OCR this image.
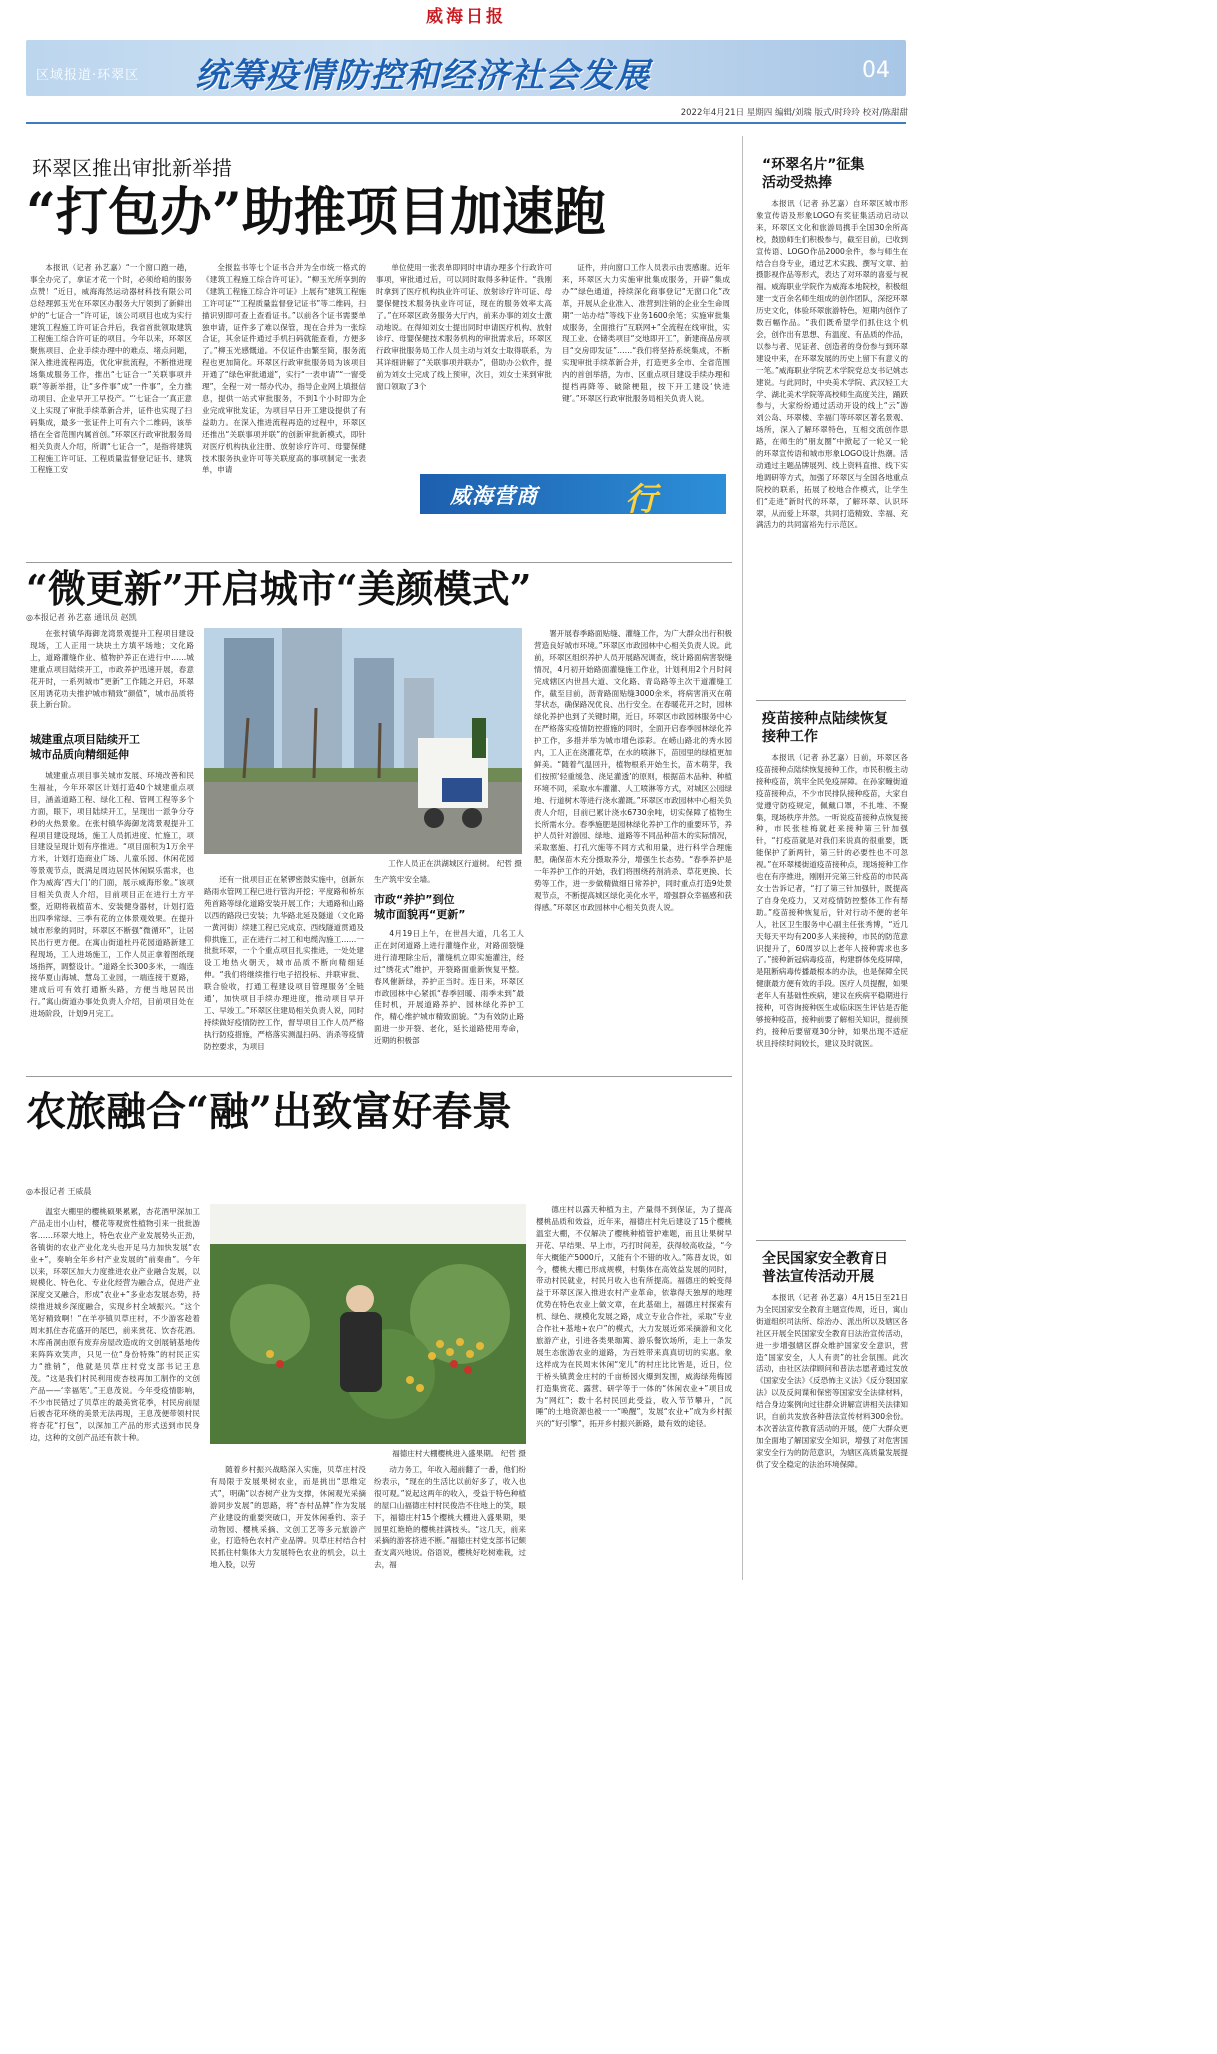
威海日报
区域报道·环翠区 统筹疫情防控和经济社会发展	04
2022年4月21日 星期四 编辑/刘瑞 版式/时玲玲 校对/陈甜甜
环翠区推出审批新举措
“打包办”助推项目加速跑
本报讯（记者 孙艺嘉）“一个窗口跑一趟，事全办完了，拿证才花一个时，必须给咱的服务点赞！”近日，威海海然运动器材科技有限公司总经理郭玉光在环翠区办服务大厅领到了新鲜出炉的“七证合一”许可证，该公司项目也成为实行建筑工程施工许可证合并后，我省首批领取建筑工程施工综合许可证的项目。今年以来，环翠区聚焦项目、企业手续办理中的难点、堵点问题，深入推进流程再造，优化审批流程，不断推进现场集成服务工作，推出“七证合一”关联事项并联“等新举措，让“多件事”成“一件事”，全力推动项目、企业早开工早投产。“‘七证合一’真正意义上实现了审批手续革新合并，证件也实现了扫码集成，最多一张证件上可有六个二维码，该举措在全省范围内属首创。”环翠区行政审批服务局相关负责人介绍，所谓“七证合一”，是指将建筑工程施工许可证、工程质量监督登记证书、建筑工程施工安
全报监书等七个证书合并为全市统一格式的《建筑工程施工综合许可证》。“柳玉光所享到的《建筑工程施工综合许可证》上展有“建筑工程施工许可证”“工程质量监督登记证书”等二维码，扫描识别即可查上查看证书。”以前各个证书需要单独申请，证件多了难以保管，现在合并为一张综合证，其余证件通过手机扫码就能查看，方便多了。”柳玉光感慨道。不仅证件由繁至简，服务流程也更加简化。环翠区行政审批服务局为该项目开通了“绿色审批通道”，实行“一表申请”“一窗受理”，全程一对一帮办代办，指导企业网上填报信息，提供一站式审批服务，不到1个小时即为企业完成审批发证，为项目早日开工建设提供了有益助力。在深入推进流程再造的过程中，环翠区还推出“关联事项并联”的创新审批新模式，即针对医疗机构执业注册、放射诊疗许可、母婴保健技术服务执业许可等关联度高的事项制定一张表单，申请
单位使用一张表单即同时申请办理多个行政许可事项，审批通过后，可以同时取得多种证件。“我刚时拿到了医疗机构执业许可证、放射诊疗许可证、母婴保健技术服务执业许可证，现在的服务效率太高了。”在环翠区政务服务大厅内，前来办事的刘女士激动地说。在得知刘女士提出同时申请医疗机构、放射诊疗、母婴保健技术服务机构的审批需求后，环翠区行政审批服务局工作人员主动与刘女士取得联系，为其详细讲解了“关联事项并联办”，借助办公软件，提前为刘女士完成了线上预审，次日，刘女士来到审批窗口领取了3个
证件，并向窗口工作人员表示由衷感谢。近年来，环翠区大力实施审批集成服务，开辟“集成办”“绿色通道，持续深化商事登记“无窗口化”改革，开展从企业准入、准营到注销的企业全生命周期“一站办结”等线下业务1600余笔；实施审批集成服务，全面推行“互联网+”全流程在线审批，实现工业、仓储类项目“交地即开工”，新建商品房项目“交房即发证”……“我们将坚持系统集成，不断实现审批手续革新合并，打造更多全市、全省范围内的首创举措，为市、区重点项目建设手续办理和提档再降等、破除梗阻，按下开工建设‘快进键’。”环翠区行政审批服务局相关负责人说。
威海营商	行
“微更新”开启城市“美颜模式”
◎本报记者 孙艺嘉 通讯员 赵凯
在张村镇华海御龙湾景观提升工程项目建设现场，工人正用一块块土方填平场地；文化路上，道路灌缝作业、植物护养正在进行中……城建重点项目陆续开工，市政养护迅速开展，春意花开时，一系列城市“更新”工作随之开启，环翠区用诱花功夫推护城市精致“颜值”，城市品质将获上新台阶。
城建重点项目陆续开工
城市品质向精细延伸
城建重点项目事关城市发展、环境改善和民生福祉，今年环翠区计划打造40个城建重点项目，涵盖道路工程、绿化工程、管网工程等多个方面，眼下，项目陆续开工，呈现出一派争分夺秒的火热景象。在张村镇华海御龙湾景观提升工程项目建设现场，施工人员抓进度、忙施工，项目建设呈现计划有序推进。“项目面积为1万余平方米，计划打造商业广场、儿童乐园、休闲花园等景观节点，既满足周边居民休闲娱乐需求，也作为威海‘西大门’的门面，展示威海形象。”该项目相关负责人介绍，目前项目正在进行土方平整，近期将栽植苗木、安装健身器材，计划打造出四季常绿、三季有花的立体景观效果。在提升城市形象的同时，环翠区不断强“微循环”，让居民出行更方便。在寓山街道杜丹花园道路新建工程现场，工人进场施工，工作人员正拿着图纸现场指挥，调整设计。“道路全长300多米，一端连接华夏山海城、慧岛工业园，一端连接于夏路，建成后可有效打通断头路，方便当地居民出行。”寓山街道办事处负责人介绍，目前项目处在进场阶段，计划9月完工。
工作人员正在洪湖城区行道树。 纪哲 摄
还有一批项目正在紧锣密鼓实施中，创新东路雨水管网工程已进行管沟开挖；平度路和桥东苑首路等绿化道路安装开展工作；大通路和山路以西的路段已安装；九华路北延及隧道（文化路一黄河街）续建工程已完成京、西线隧道贯通及仰拱施工，正在进行二衬工和电缆沟施工……一批批环翠，一个个重点项目扎实推进，一处处建设工地热火朝天，城市品质不断向精细延伸。“我们将继续推行电子招投标、并联审批、联合验收，打通工程建设项目管理服务‘全链通’，加快项目手续办理进度，推动项目早开工、早竣工。”环翠区住建局相关负责人说，同时持续做好疫情防控工作，督导项目工作人员严格执行防疫措施，严格落实测温扫码、消杀等疫情防控要求，为项目
生产筑牢安全墙。
市政“养护”到位
城市面貌再“更新”
4月19日上午，在世昌大道，几名工人正在封闭道路上进行灌缝作业，对路面裂缝进行清理除尘后，灌缝机立即实施灌注，经过“绣花式”维护，开裂路面重新恢复平整。春风催新绿，养护正当时。连日来，环翠区市政园林中心紧抓“春季回暖、雨季未到”最佳时机，开展道路养护、园林绿化养护工作，精心维护城市精致面貌。“为有效防止路面进一步开裂、老化，延长道路使用寿命，近期的积极部
署开展春季路面贴缝、灌缝工作，为广大群众出行积极营造良好城市环境。”环翠区市政园林中心相关负责人说。此前，环翠区组织养护人员开展路况调查，统计路面病害裂缝情况，4月初开始路面灌缝施工作业，计划利用2个月时间完成辖区内世昌大道、文化路、青岛路等主次干道灌缝工作，截至目前，沥青路面贴缝3000余米，将病害消灭在萌芽状态，确保路况优良、出行安全。在春暖花开之时，园林绿化养护也到了关键时期，近日，环翠区市政园林服务中心在严格落实疫情防控措施的同时，全面开启春季园林绿化养护工作，多措并举为城市增色添彩。在崂山路北的秀水园内，工人正在浇灌花草，在水的喷淋下，苗园里的绿植更加鲜美。“随着气温回升，植物根系开始生长，苗木萌芽，我们按照‘轻重缓急、浇足灌透’的原则，根据苗木品种、种植环境不同，采取水车灌灌、人工喷淋等方式，对城区公园绿地、行道树木等进行浇水灌溉。”环翠区市政园林中心相关负责人介绍，目前已累计浇水6730余吨，切实保障了植物生长所需水分。春季施肥是园林绿化养护工作的重要环节，养护人员针对游园、绿地、道路等不同品种苗木的实际情况，采取塞施、打孔穴施等不同方式和用量，进行科学合理施肥，确保苗木充分摄取养分，增强生长态势。“春季养护是一年养护工作的开始，我们将围绕药剂消杀、草花更换、长势等工作，进一步做精做细日常养护，同时重点打造9处景观节点，不断提高城区绿化美化水平，增强群众幸福感和获得感。”环翠区市政园林中心相关负责人说。
农旅融合“融”出致富好春景
◎本报记者 王威晨
温室大棚里的樱桃硕果累累，杏花酒甲深加工产品走出小山村，樱花等观赏性植物引来一批批游客……环翠大地上，特色农业产业发展势头正劲，各镇街的农业产业化龙头也开足马力加快发展“农业+”，奏响全年乡村产业发展的“前奏曲”。今年以来，环翠区加大力度推进农业产业融合发展，以规模化、特色化、专业化经营为融合点，促进产业深度交叉融合，形成“农业+”多业态发展态势，持续推进城乡深度融合，实现乡村全域振兴。“这个笔好精致啊！”在羊亭镇贝草庄村，不少游客趁着周末抓住杏花盛开的尾巴，前来赏花、饮杏花酒。木库甬洞由原有废弃房屋改造成的文创展销基地传来阵阵欢笑声，只见一位“身份特殊”的村民正实力“推销”，他就是贝草庄村党支部书记王息茂。“这是我们村民利用废杏枝再加工制作的文创产品——‘幸福笔’。”王息茂说。今年受疫情影响，不少市民错过了贝草庄的最美赏花季，村民房前屋后被杏花环绕的美景无法再现，王息茂便带领村民将杏花“打包”，以深加工产品的形式送到市民身边，这种的文创产品还有款十种。
福德庄村大棚樱桃进入盛果期。 纪哲 摄
随着乡村振兴战略深入实施，贝草庄村没有局限于发展果树农业，而是挑出“思维定式”，明确“以杏树产业为支撑，休闲观光采摘游同步发展”的思路，将“杏村品牌”作为发展产业建设的重要突破口，开发休闲垂钓、亲子动物园、樱桃采摘、文创工艺等多元旅游产业，打造特色农村产业品牌。贝草庄村结合村民抓住村集体大力发展特色农业的机会，以土地入股，以劳
动力务工，年收入超前翻了一番，他们纷纷表示，“现在的生活比以前好多了，收入也很可观。”说起这两年的收入，受益于特色种植的屋口山福德庄村村民俊浩不住地上的笑，眼下，福德庄村15个樱桃大棚进入盛果期，果园里红艳艳的樱桃挂满枝头。“这几天，前来采摘的游客挤进不断。”福德庄村党支部书记颇查支离兴地说。俗语说，樱桃好吃树难栽，过去，福
德庄村以露天种植为主，产量得不到保证，为了提高樱桃品质和效益，近年来，福德庄村先后建设了15个樱桃温室大棚，不仅解决了樱桃种植管护难题，而且让果树早开花、早结果、早上市，巧打时间差，获得较高收益，“今年大概能产5000斤，又能有个不错的收入。”陈普友说，如今，樱桃大棚已形成规模，村集体在高效益发展的同时，带动村民就业，村民月收入也有所提高。福德庄的蜕变得益于环翠区深入推进农村产业革命，依靠得天独厚的地理优势在特色农业上做文章，在此基础上，福德庄村探索有机、绿色、规模化发展之路，成立专业合作社，采取“专业合作社+基地+农户”的模式，大力发展近郊采摘游和文化旅游产业，引进各类果珈篱、游乐餐饮场所，走上一条发展生态旅游农业的道路，为百姓带来真真切切的实惠。象这样成为在民周末休闲“宠儿”的村庄比比皆是，近日，位于桥头镇黄金庄村的千亩桥园火爆到发围，威海绿苑梅园打造集赏花、露营、研学等于一体的“休闲农业+”项目成为“网红”；数十名村民回此受益，收入节节攀升，“沉睡”的土地资源也被一一“唤醒”，发展“农业+”成为乡村振兴的“好引擎”，拓开乡村振兴新路，最有效的途径。
“环翠名片”征集
活动受热捧
本报讯（记者 孙艺嘉）自环翠区城市形象宣传语及形象LOGO有奖征集活动启动以来，环翠区文化和旅游局携手全国30余所高校，鼓励师生们积极参与，截至目前，已收到宣传语、LOGO作品2000余件，参与师生在结合自身专业，通过艺术实践、撰写文章、拍摄影视作品等形式，表达了对环翠的喜爱与祝福。威海职业学院作为威海本地院校，积极组建一支百余名师生组成的创作团队，深挖环翠历史文化，体验环翠旅游特色，短期内创作了数百幅作品。“我们既希望学们抓住这个机会，创作出有思想、有温度、有品质的作品，以参与者、见证者、创造者的身份参与到环翠建设中来，在环翠发展的历史上留下有意义的一笔。”威海职业学院艺术学院党总支书记姚志建说。与此同时，中央美术学院、武汉轻工大学、湖北美术学院等高校师生高度关注，踊跃参与，大家纷纷通过活动开设的线上“云”游刘公岛、环翠楼、幸福门等环翠区著名景观、场所，深入了解环翠特色，互相交流创作思路，在师生的“朋友圈”中掀起了一轮又一轮的环翠宣传语和城市形象LOGO设计热潮。活动通过主题品牌展列、线上资料直推、线下实地调研等方式，加强了环翠区与全国各地重点院校的联系，拓展了校地合作模式，让学生们“走进”新时代的环翠，了解环翠、认识环翠，从而爱上环翠，共同打造精致、幸福、充满活力的共同富裕先行示范区。
疫苗接种点陆续恢复
接种工作
本报讯（记者 孙艺嘉）日前，环翠区各疫苗接种点陆续恢复接种工作，市民积极主动接种疫苗，筑牢全民免疫屏障。在孙家疃街道疫苗接种点，不少市民排队接种疫苗，大家自觉遵守防疫规定，佩戴口罩，不扎堆、不聚集，现场秩序井然。一听说疫苗接种点恢复接种，市民张桂梅就赶来接种第三针加强针，“打疫苗就是对我们来说真的很重要，既能保护了新两针，第三针的必要性也不可忽视。”在环翠楼街道疫苗接种点，现场接种工作也在有序推进，刚刚开完第三针疫苗的市民高女士告诉记者，“打了第三针加强针，既提高了自身免疫力，又对疫情防控整体工作有帮助。”疫苗接种恢复后，针对行动不便的老年人，社区卫生服务中心副主任张秀博，“近几天每天平均有200多人来接种，市民的防范意识提升了，60周岁以上老年人接种需求也多了。”接种新冠病毒疫苗，构建群体免疫屏障，是阻断病毒传播最根本的办法，也是保障全民健康最方便有效的手段。医疗人员提醒，如果老年人有基础性疾病，建议在疾病平稳期进行接种，可咨询接种医生或临床医生评估是否能够接种疫苗，接种前要了解相关知识，提前预约，接种后要留观30分钟，如果出现不适症状且持续时间较长，建议及时就医。
全民国家安全教育日
普法宣传活动开展
本报讯（记者 孙艺嘉）4月15日至21日为全民国家安全教育主题宣传周，近日，寓山街道组织司法所、综治办、派出所以及辖区各社区开展全民国家安全教育日法治宣传活动，进一步增强辖区群众维护国家安全意识，营造“国家安全，人人有责”的社会氛围。此次活动，由社区法律顾问和普法志愿者通过发放《国家安全法》《反恐怖主义法》《反分裂国家法》以及反间谍和保密等国家安全法律材料，结合身边案例向过往群众讲解宣讲相关法律知识，自前共发放各种普法宣传材料300余份。本次普法宣传教育活动的开展，使广大群众更加全面地了解国家安全知识，增强了对危害国家安全行为的防范意识，为辖区高质量发展提供了安全稳定的法治环境保障。
